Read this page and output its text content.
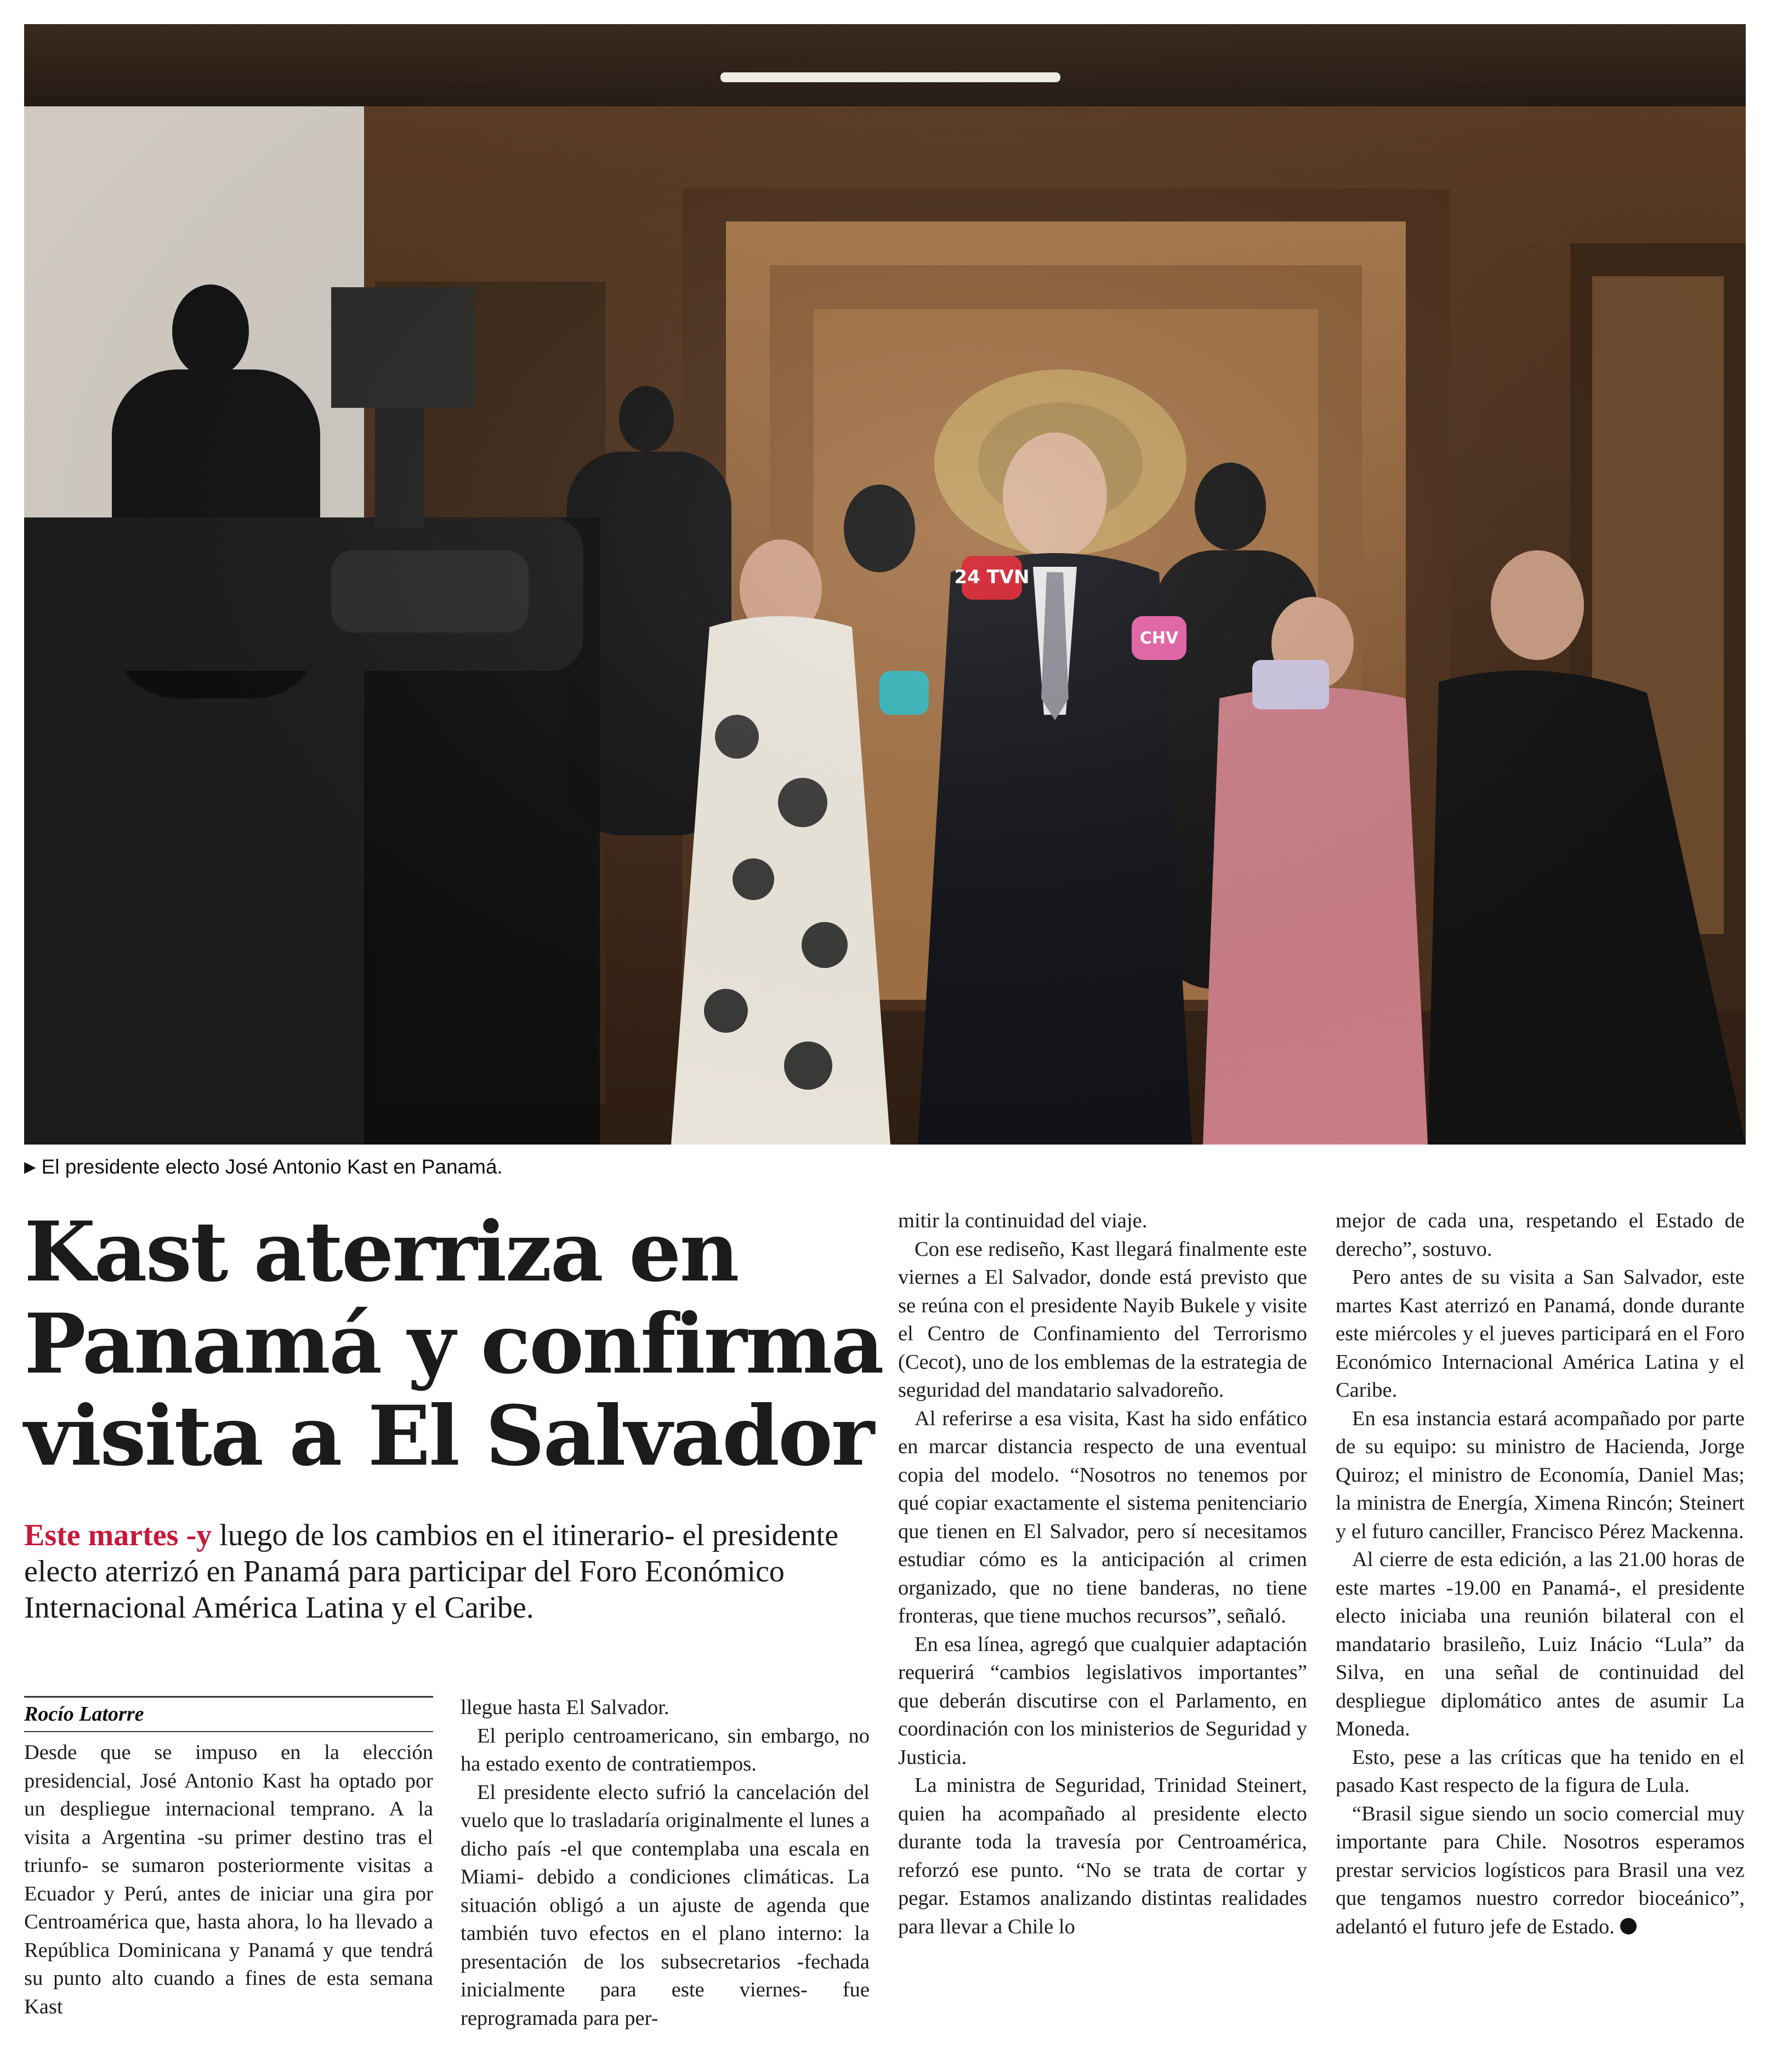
▶ El presidente electo José Antonio Kast en Panamá.
Kast aterriza en
Panamá y confirma
visita a El Salvador

Este martes -y luego de los cambios en el itinerario- el presidente electo aterrizó en Panamá para participar del Foro Económico Internacional América Latina y el Caribe.

Rocío Latorre

Desde que se impuso en la elección presidencial, José Antonio Kast ha optado por un despliegue internacional temprano. A la visita a Argentina -su primer destino tras el triunfo- se sumaron posteriormente visitas a Ecuador y Perú, antes de iniciar una gira por Centroamérica que, hasta ahora, lo ha llevado a República Dominicana y Panamá y que tendrá su punto alto cuando a fines de esta semana Kast

llegue hasta El Salvador.

El periplo centroamericano, sin embargo, no ha estado exento de contratiempos.

El presidente electo sufrió la cancelación del vuelo que lo trasladaría originalmente el lunes a dicho país -el que contemplaba una escala en Miami- debido a condiciones climáticas. La situación obligó a un ajuste de agenda que también tuvo efectos en el plano interno: la presentación de los subsecretarios -fechada inicialmente para este viernes- fue reprogramada para per-

mitir la continuidad del viaje.

Con ese rediseño, Kast llegará finalmente este viernes a El Salvador, donde está previsto que se reúna con el presidente Nayib Bukele y visite el Centro de Confinamiento del Terrorismo (Cecot), uno de los emblemas de la estrategia de seguridad del mandatario salvadoreño.

Al referirse a esa visita, Kast ha sido enfático en marcar distancia respecto de una eventual copia del modelo. “Nosotros no tenemos por qué copiar exactamente el sistema penitenciario que tienen en El Salvador, pero sí necesitamos estudiar cómo es la anticipación al crimen organizado, que no tiene banderas, no tiene fronteras, que tiene muchos recursos”, señaló.

En esa línea, agregó que cualquier adaptación requerirá “cambios legislativos importantes” que deberán discutirse con el Parlamento, en coordinación con los ministerios de Seguridad y Justicia.

La ministra de Seguridad, Trinidad Steinert, quien ha acompañado al presidente electo durante toda la travesía por Centroamérica, reforzó ese punto. “No se trata de cortar y pegar. Estamos analizando distintas realidades para llevar a Chile lo

mejor de cada una, respetando el Estado de derecho”, sostuvo.

Pero antes de su visita a San Salvador, este martes Kast aterrizó en Panamá, donde durante este miércoles y el jueves participará en el Foro Económico Internacional América Latina y el Caribe.

En esa instancia estará acompañado por parte de su equipo: su ministro de Hacienda, Jorge Quiroz; el ministro de Economía, Daniel Mas; la ministra de Energía, Ximena Rincón; Steinert y el futuro canciller, Francisco Pérez Mackenna.

Al cierre de esta edición, a las 21.00 horas de este martes -19.00 en Panamá-, el presidente electo iniciaba una reunión bilateral con el mandatario brasileño, Luiz Inácio “Lula” da Silva, en una señal de continuidad del despliegue diplomático antes de asumir La Moneda.

Esto, pese a las críticas que ha tenido en el pasado Kast respecto de la figura de Lula.

“Brasil sigue siendo un socio comercial muy importante para Chile. Nosotros esperamos prestar servicios logísticos para Brasil una vez que tengamos nuestro corredor bioceánico”, adelantó el futuro jefe de Estado.
